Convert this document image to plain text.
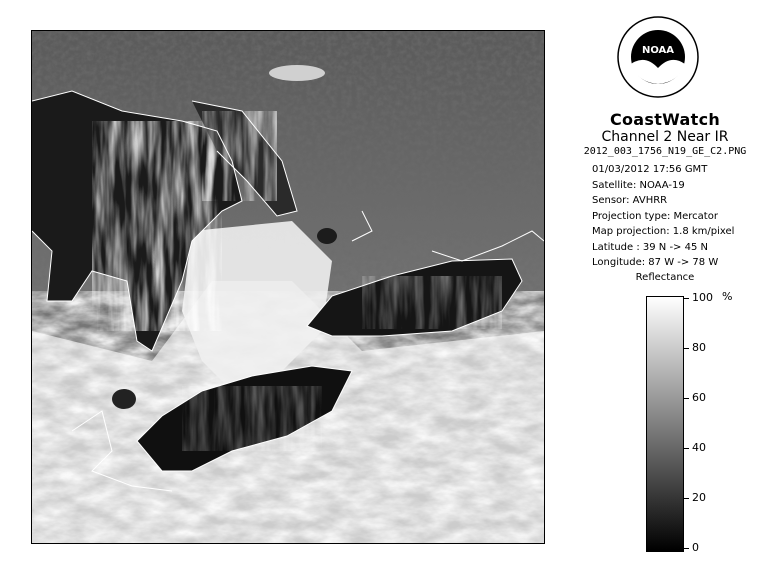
NOAA
CoastWatch
Channel 2 Near IR
2012_003_1756_N19_GE_C2.PNG
01/03/2012 17:56 GMT
Satellite: NOAA-19
Sensor: AVHRR
Projection type: Mercator
Map projection: 1.8 km/pixel
Latitude : 39 N -> 45 N
Longitude: 87 W -> 78 W
Reflectance
%
100
80
60
40
20
0
